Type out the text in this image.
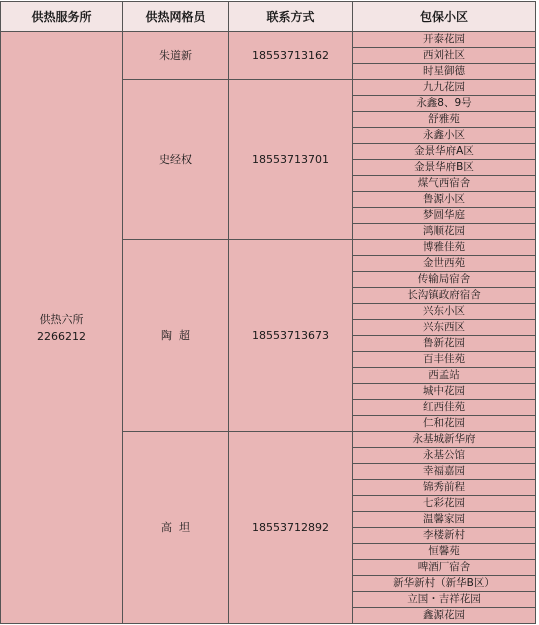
供热服务所	供热网格员	联系方式	包保小区

供热六所
2266212	朱道新	18553713162	开泰花园
			西刘社区
			时星御德
	史经权	18553713701	九九花园
			永鑫8、9号
			舒雅苑
			永鑫小区
			金景华府A区
			金景华府B区
			煤气西宿舍
			鲁源小区
			梦圆华庭
			鸿顺花园
	陶  超	18553713673	博雅佳苑
			金世西苑
			传输局宿舍
			长沟镇政府宿舍
			兴东小区
			兴东西区
			鲁新花园
			百丰佳苑
			西孟站
			城中花园
			红西佳苑
			仁和花园
	高  坦	18553712892	永基城新华府
			永基公馆
			幸福嘉园
			锦秀前程
			七彩花园
			温馨家园
			李楼新村
			恒馨苑
			啤酒厂宿舍
			新华新村（新华B区）
			立国・吉祥花园
			鑫源花园
